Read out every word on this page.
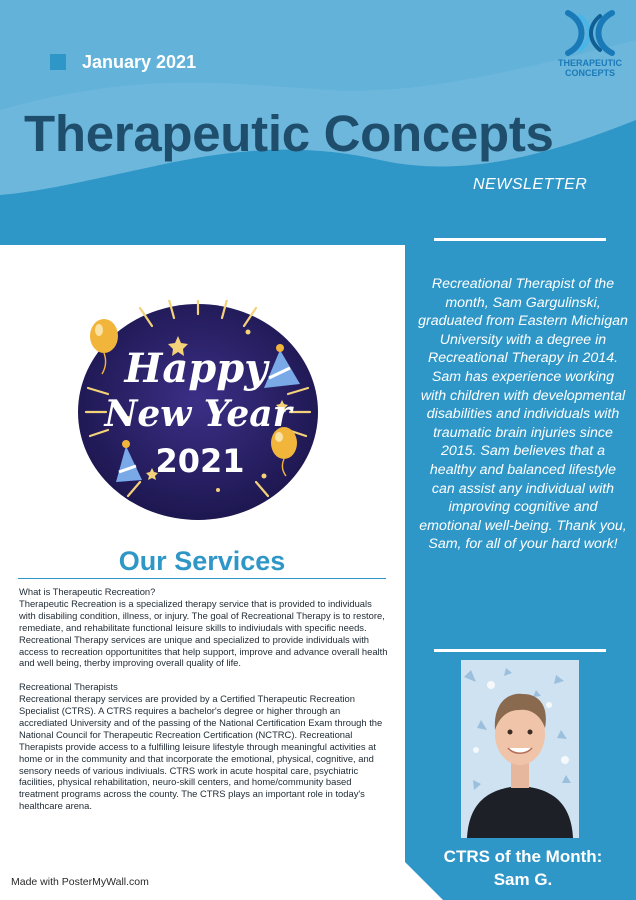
January 2021	THERAPEUTIC
CONCEPTS
Therapeutic Concepts
NEWSLETTER
Recreational Therapist of the month, Sam Gargulinski, graduated from Eastern Michigan University with a degree in Recreational Therapy in 2014. Sam has experience working with children with developmental disabilities and individuals with traumatic brain injuries since 2015. Sam believes that a healthy and balanced lifestyle can assist any individual with improving cognitive and emotional well-being. Thank you, Sam, for all of your hard work!
CTRS of the Month:
Sam G.
Happy
New Year
2021
Our Services

What is Therapeutic Recreation?

Therapeutic Recreation is a specialized therapy service that is provided to individuals with disabiling condition, illness, or injury. The goal of Recreational Therapy is to restore, remediate, and rehabilitate functional leisure skills to indiviudals with specific needs. Recreational Therapy services are unique and specialized to provide individuals with access to recreation opportunitites that help support, improve and advance overall health and well being, therby improving overall quality of life.

Recreational Therapists

Recreational therapy services are provided by a Certified Therapeutic Recreation Specialist (CTRS). A CTRS requires a bachelor's degree or higher through an accrediated University and of the passing of the National Certification Exam through the National Council for Therapeutic Recreation Certification (NCTRC). Recreational Therapists provide access to a fulfilling leisure lifestyle through meaningful activities at home or in the community and that incorporate the emotional, physical, cognitive, and sensory needs of various indiviuals. CTRS work in acute hospital care, psychiatric facilities, physical rehabilitation, neuro-skill centers, and home/community based treatment programs across the county. The CTRS plays an important role in today's healthcare arena.

Made with PosterMyWall.com
